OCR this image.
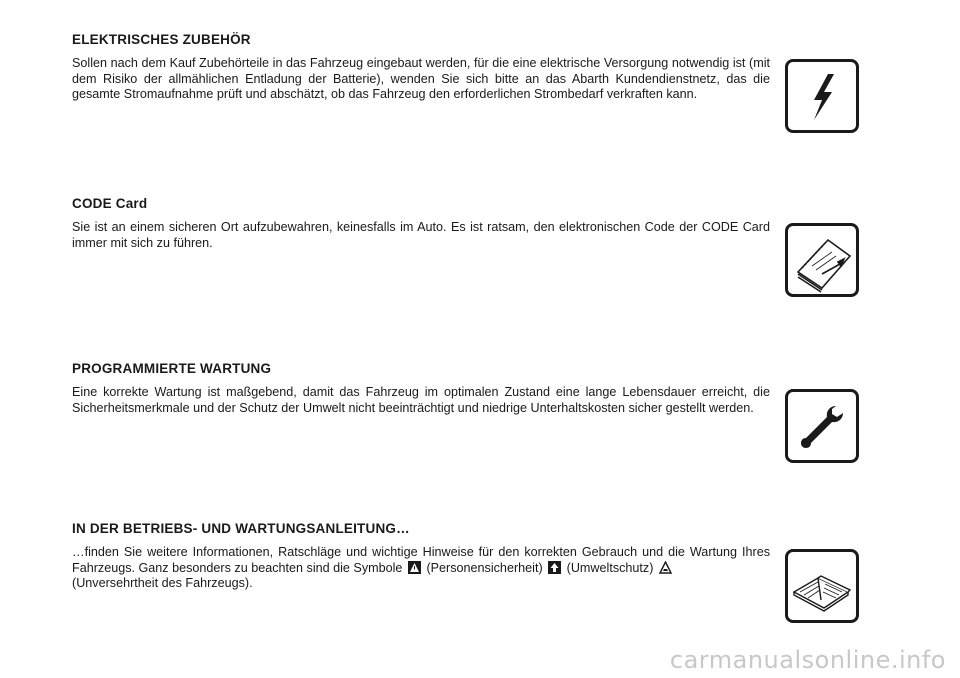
ELEKTRISCHES ZUBEHÖR

Sollen nach dem Kauf Zubehörteile in das Fahrzeug eingebaut werden, für die eine elektrische Versorgung notwendig ist (mit dem Risiko der allmählichen Entladung der Batterie), wenden Sie sich bitte an das Abarth Kundendienstnetz, das die gesamte Stromaufnahme prüft und abschätzt, ob das Fahrzeug den erforderlichen Strombedarf verkraften kann.

CODE Card

Sie ist an einem sicheren Ort aufzubewahren, keinesfalls im Auto. Es ist ratsam, den elektronischen Code der CODE Card immer mit sich zu führen.

PROGRAMMIERTE WARTUNG

Eine korrekte Wartung ist maßgebend, damit das Fahrzeug im optimalen Zustand eine lange Lebensdauer erreicht, die Sicherheitsmerkmale und der Schutz der Umwelt nicht beeinträchtigt und niedrige Unterhaltskosten sicher gestellt werden.

IN DER BETRIEBS- UND WARTUNGSANLEITUNG…

…finden Sie weitere Informationen, Ratschläge und wichtige Hinweise für den korrekten Gebrauch und die Wartung Ihres Fahrzeugs. Ganz besonders zu beachten sind die Symbole (Personensicherheit) (Umweltschutz)
(Unversehrtheit des Fahrzeugs).

carmanualsonline.info
